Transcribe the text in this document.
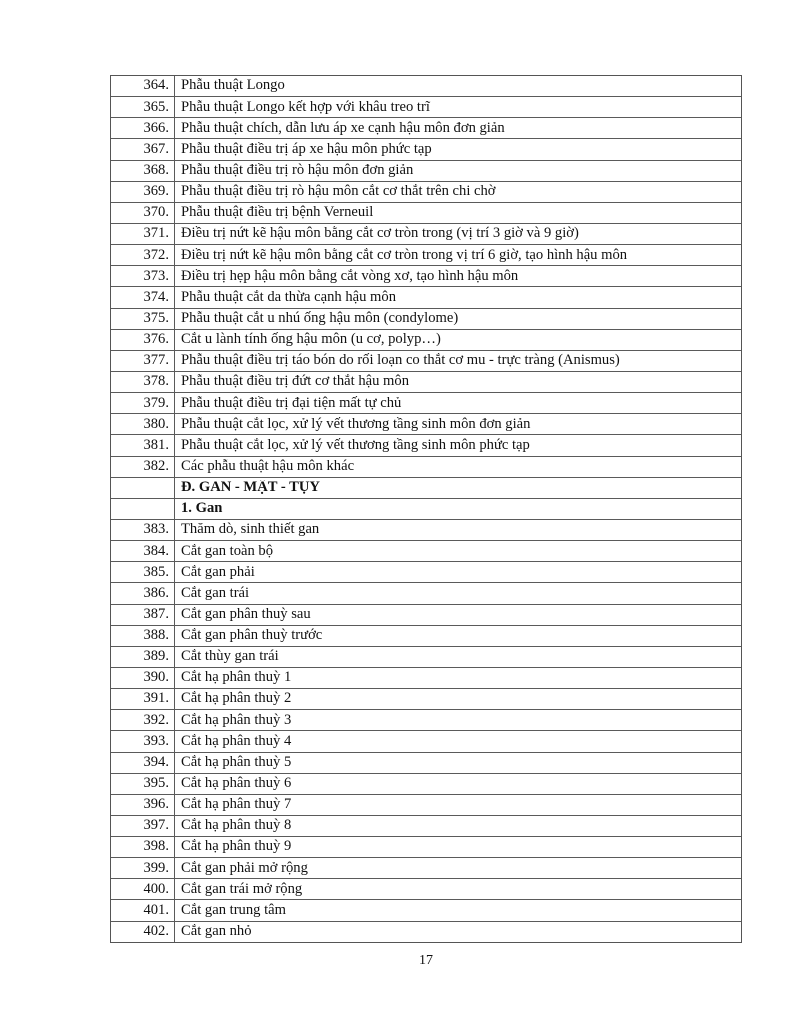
364. Phẫu thuật Longo
365. Phẫu thuật Longo kết hợp với khâu treo trĩ
366. Phẫu thuật chích, dẫn lưu áp xe cạnh hậu môn đơn giản
367. Phẫu thuật điều trị áp xe hậu môn phức tạp
368. Phẫu thuật điều trị rò hậu môn đơn giản
369. Phẫu thuật điều trị rò hậu môn cắt cơ thắt trên chi chờ
370. Phẫu thuật điều trị bệnh Verneuil
371. Điều trị nứt kẽ hậu môn bằng cắt cơ tròn trong (vị trí 3 giờ và 9 giờ)
372. Điều trị nứt kẽ hậu môn bằng cắt cơ tròn trong vị trí 6 giờ, tạo hình hậu môn
373. Điều trị hẹp hậu môn bằng cắt vòng xơ, tạo hình hậu môn
374. Phẫu thuật cắt da thừa cạnh hậu môn
375. Phẫu thuật cắt u nhú ống hậu môn (condylome)
376. Cắt u lành tính ống hậu môn (u cơ, polyp…)
377. Phẫu thuật điều trị táo bón do rối loạn co thắt cơ mu - trực tràng (Anismus)
378. Phẫu thuật điều trị đứt cơ thắt hậu môn
379. Phẫu thuật điều trị đại tiện mất tự chủ
380. Phẫu thuật cắt lọc, xử lý vết thương tầng sinh môn đơn giản
381. Phẫu thuật cắt lọc, xử lý vết thương tầng sinh môn phức tạp
382. Các phẫu thuật hậu môn khác
Đ. GAN - MẬT - TỤY
1. Gan
383. Thăm dò, sinh thiết gan
384. Cắt gan toàn bộ
385. Cắt gan phải
386. Cắt gan trái
387. Cắt gan phân thuỳ sau
388. Cắt gan phân thuỳ trước
389. Cắt thùy gan trái
390. Cắt hạ phân thuỳ 1
391. Cắt hạ phân thuỳ 2
392. Cắt hạ phân thuỳ 3
393. Cắt hạ phân thuỳ 4
394. Cắt hạ phân thuỳ 5
395. Cắt hạ phân thuỳ 6
396. Cắt hạ phân thuỳ 7
397. Cắt hạ phân thuỳ 8
398. Cắt hạ phân thuỳ 9
399. Cắt gan phải mở rộng
400. Cắt gan trái mở rộng
401. Cắt gan trung tâm
402. Cắt gan nhỏ
17
